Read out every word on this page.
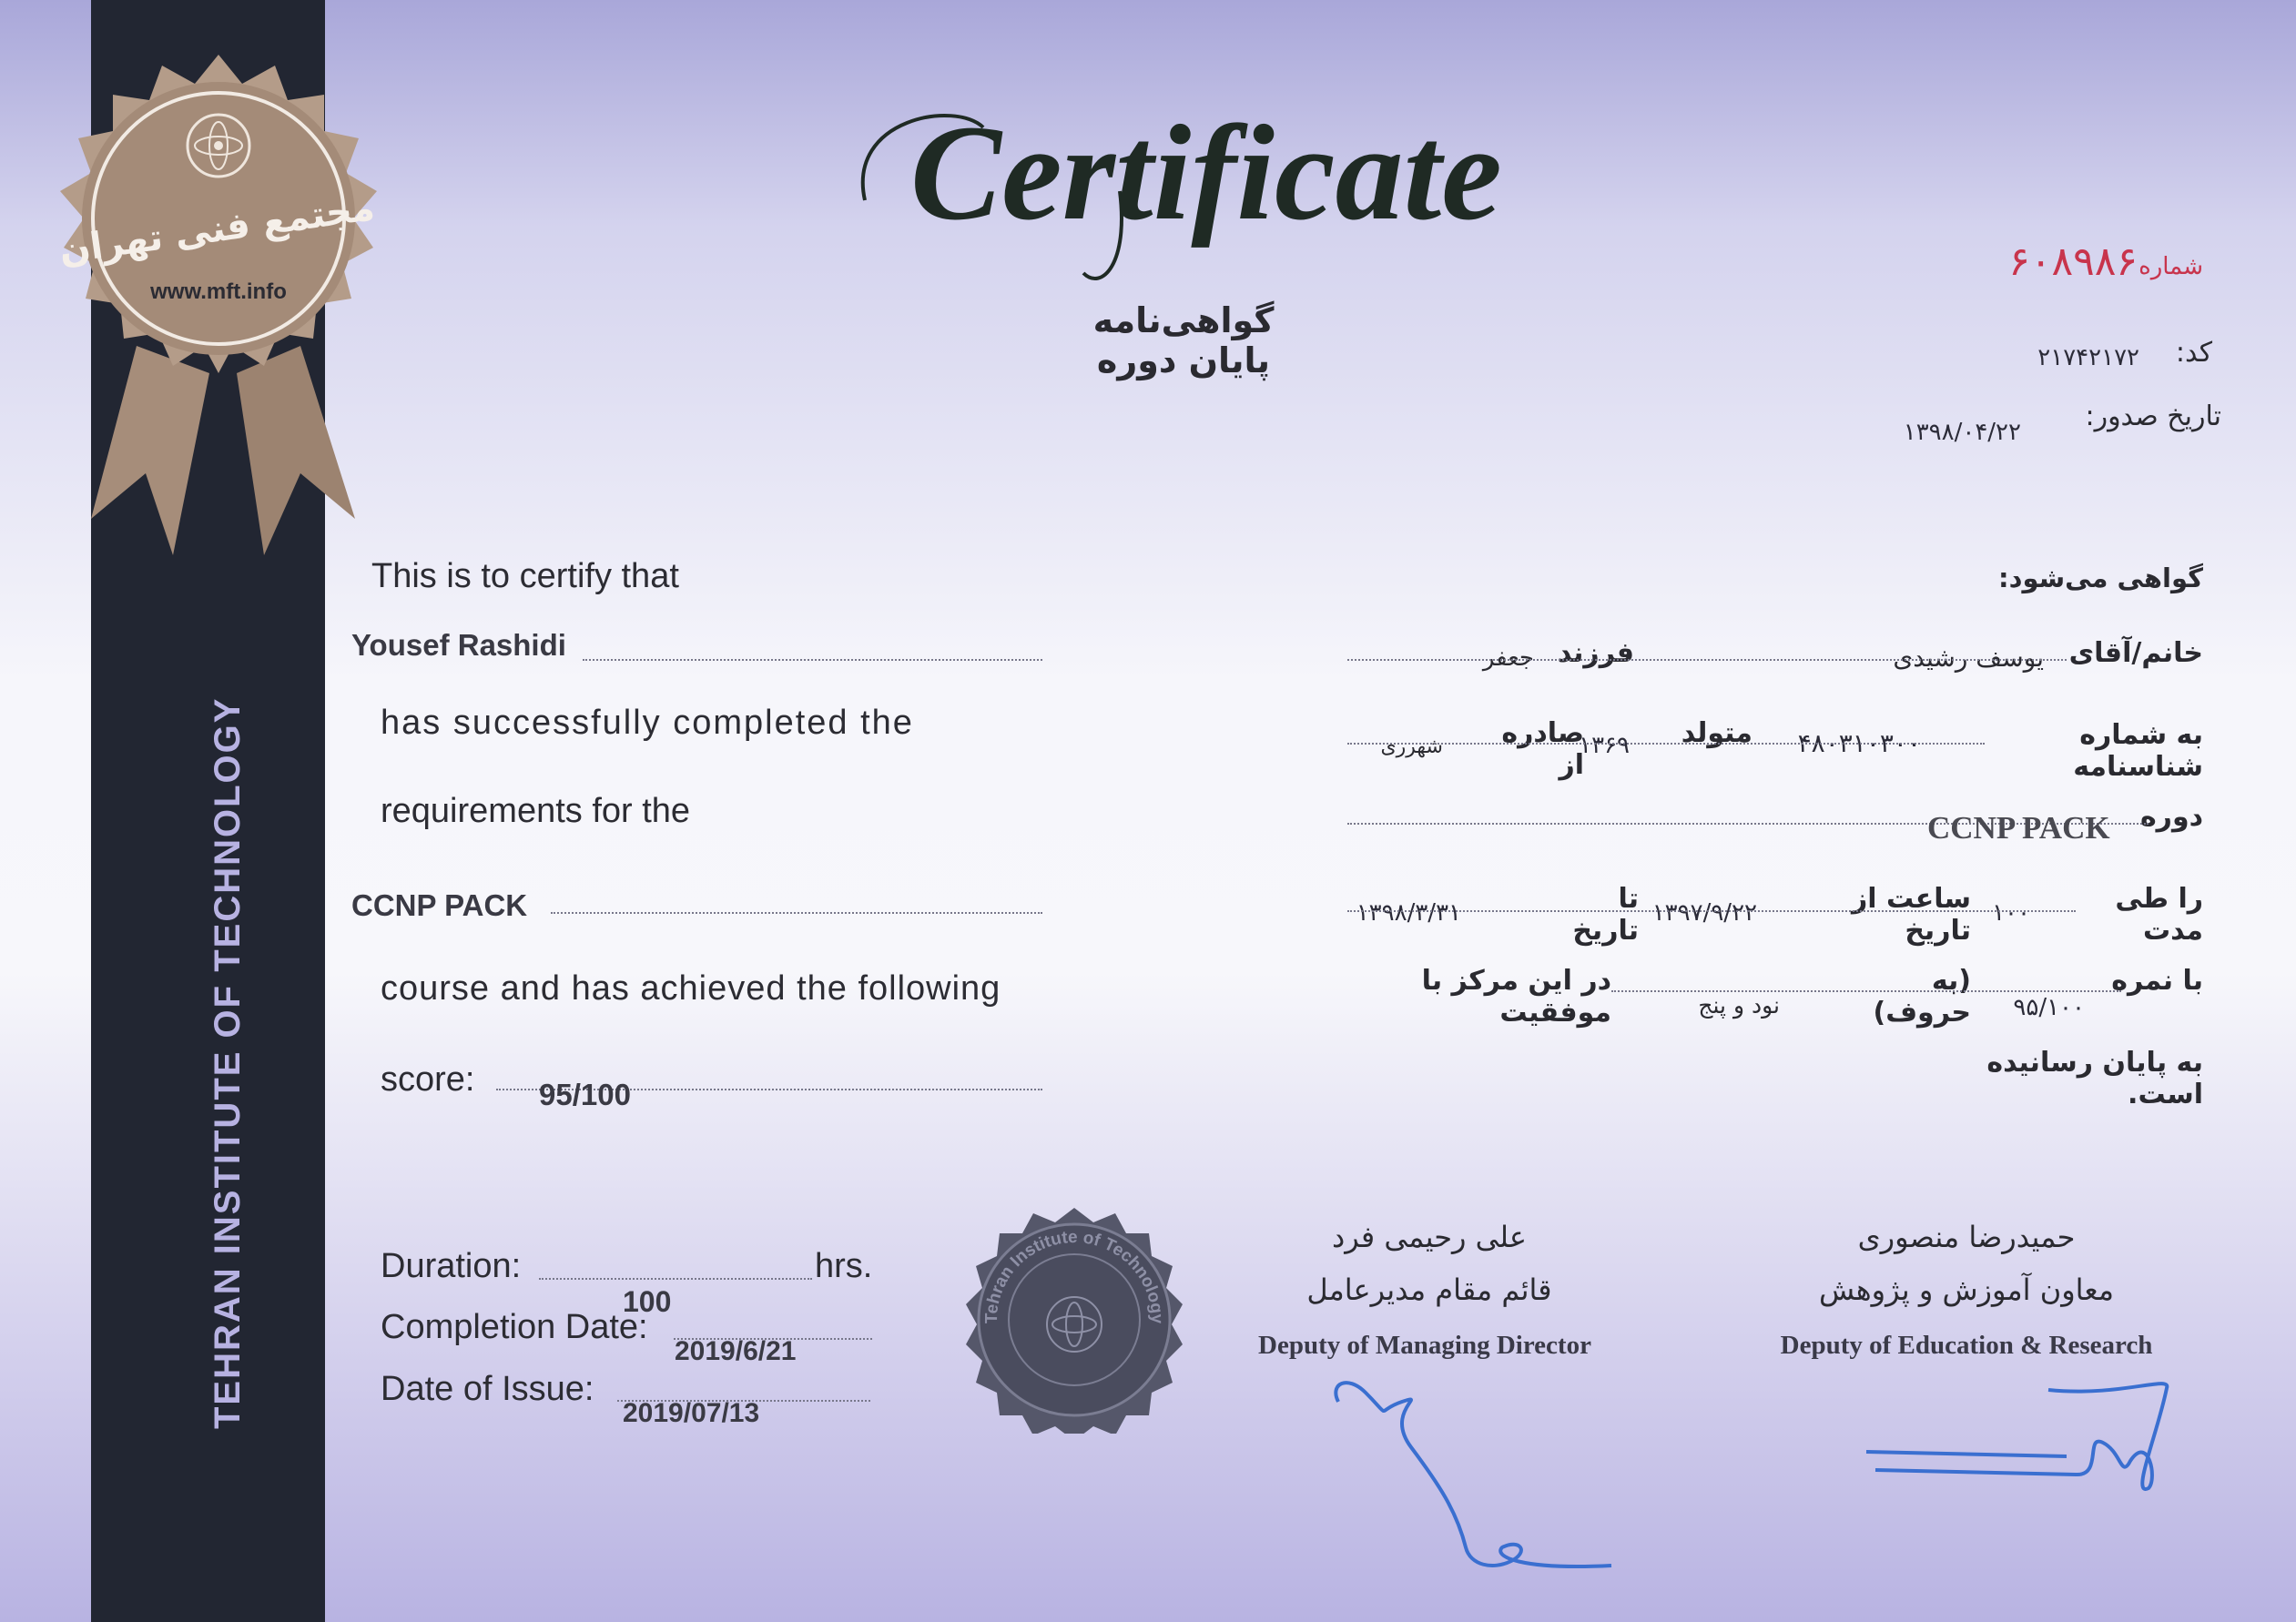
TEHRAN INSTITUTE OF TECHNOLOGY
مجتمع فنی تهران
www.mft.info
Certificate
گواهی‌نامه پایان دوره
شماره
۶۰۸۹۸۶
کد:
۲۱۷۴۲۱۷۲
تاریخ صدور:
۱۳۹۸/۰۴/۲۲
This is to certify that
Yousef Rashidi
has successfully completed the
requirements for the
CCNP PACK
course and has achieved the following
score: 95/100
Duration:	hrs.
100
Completion Date:
2019/6/21
Date of Issue:
2019/07/13
گواهی می‌شود:
خانم/آقای
یوسف رشیدی
فرزند
جعفر
به شماره شناسنامه
۴۸۰۳۱۰۳۰۰
متولد
۱۳۶۹
صادره از
شهرری
دوره
CCNP PACK
را طی مدت
۱۰۰
ساعت از تاریخ
۱۳۹۷/۹/۲۲
تا تاریخ
۱۳۹۸/۳/۳۱
با نمره
۹۵/۱۰۰
(به حروف)
نود و پنج
در این مرکز با موفقیت
به پایان رسانیده است.
Tehran Institute of Technology
علی رحیمی فرد
قائم مقام مدیرعامل
Deputy of Managing Director
حمیدرضا منصوری
معاون آموزش و پژوهش
Deputy of Education & Research
